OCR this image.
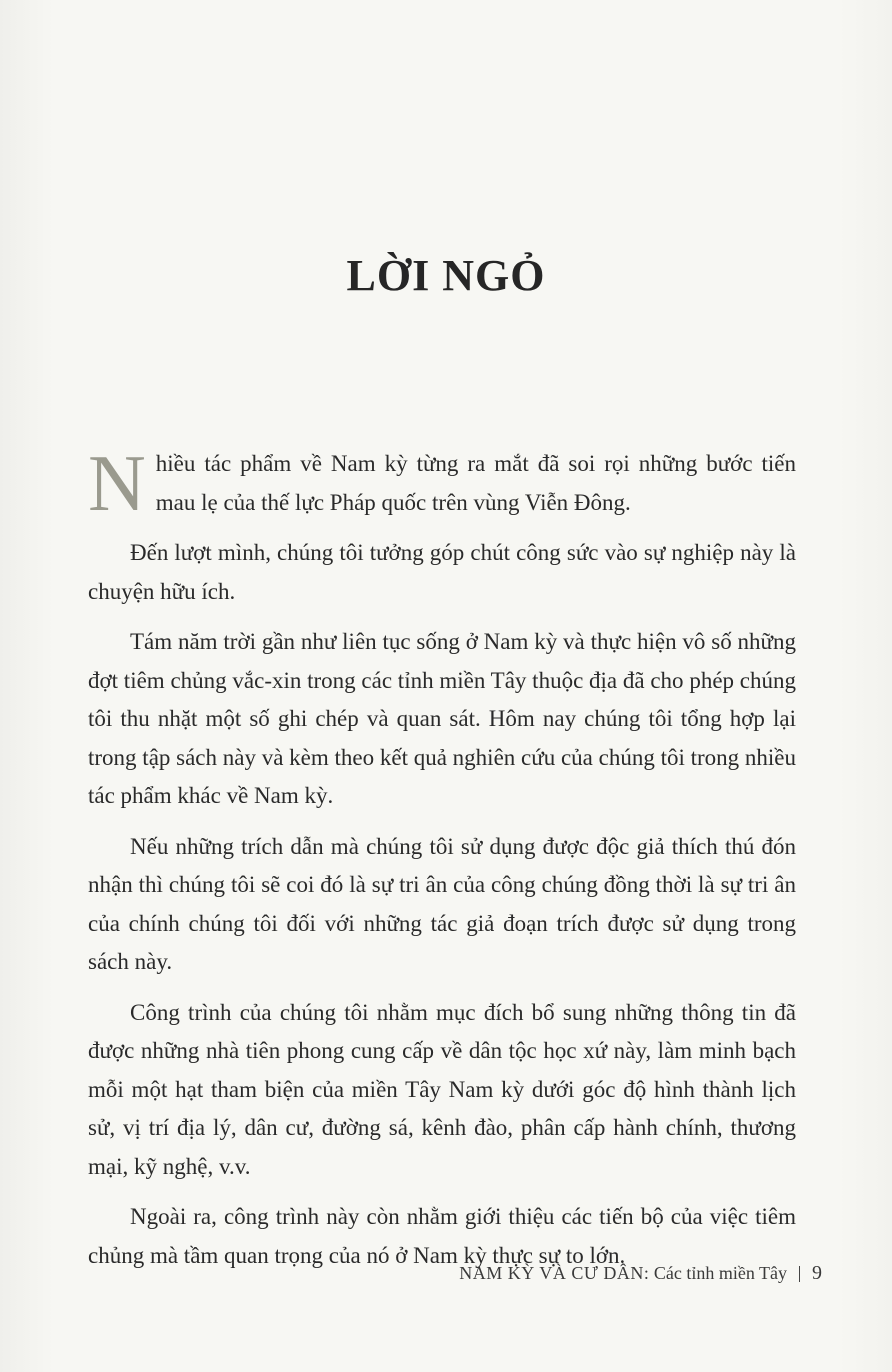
LỜI NGỎ

Nhiều tác phẩm về Nam kỳ từng ra mắt đã soi rọi những bước tiến mau lẹ của thế lực Pháp quốc trên vùng Viễn Đông.

Đến lượt mình, chúng tôi tưởng góp chút công sức vào sự nghiệp này là chuyện hữu ích.

Tám năm trời gần như liên tục sống ở Nam kỳ và thực hiện vô số những đợt tiêm chủng vắc-xin trong các tỉnh miền Tây thuộc địa đã cho phép chúng tôi thu nhặt một số ghi chép và quan sát. Hôm nay chúng tôi tổng hợp lại trong tập sách này và kèm theo kết quả nghiên cứu của chúng tôi trong nhiều tác phẩm khác về Nam kỳ.

Nếu những trích dẫn mà chúng tôi sử dụng được độc giả thích thú đón nhận thì chúng tôi sẽ coi đó là sự tri ân của công chúng đồng thời là sự tri ân của chính chúng tôi đối với những tác giả đoạn trích được sử dụng trong sách này.

Công trình của chúng tôi nhằm mục đích bổ sung những thông tin đã được những nhà tiên phong cung cấp về dân tộc học xứ này, làm minh bạch mỗi một hạt tham biện của miền Tây Nam kỳ dưới góc độ hình thành lịch sử, vị trí địa lý, dân cư, đường sá, kênh đào, phân cấp hành chính, thương mại, kỹ nghệ, v.v.

Ngoài ra, công trình này còn nhằm giới thiệu các tiến bộ của việc tiêm chủng mà tầm quan trọng của nó ở Nam kỳ thực sự to lớn.

NAM KỲ VÀ CƯ DÂN:
Các tỉnh miền Tây 9
